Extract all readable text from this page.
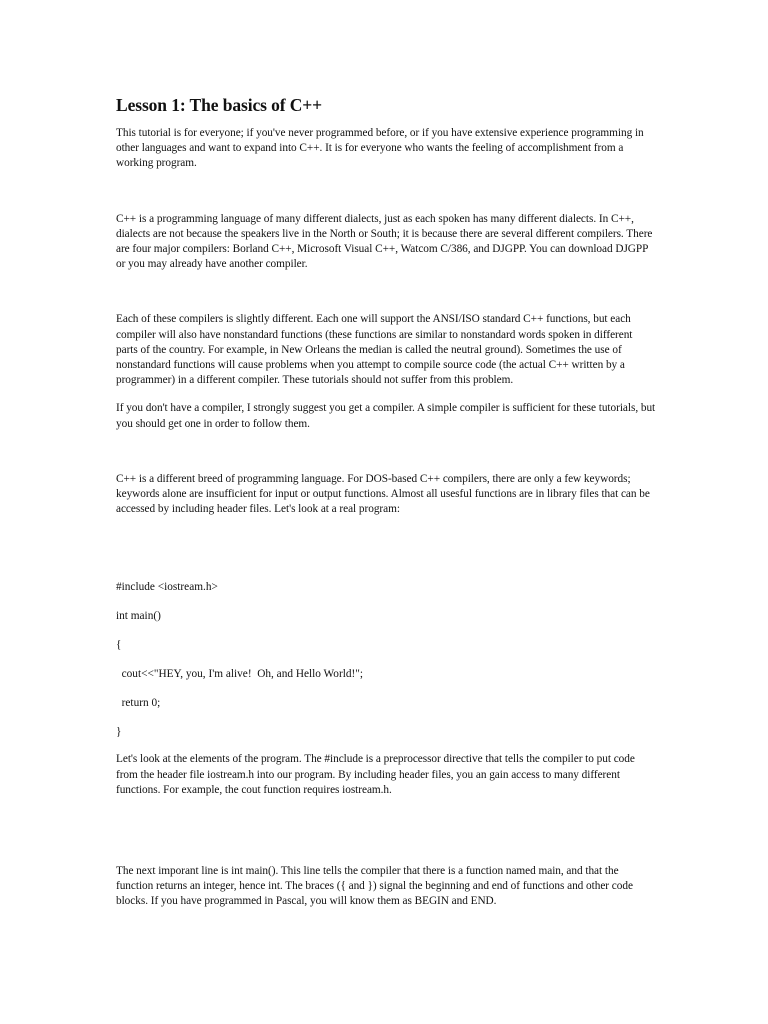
Lesson 1: The basics of C++

This tutorial is for everyone; if you've never programmed before, or if you have extensive experience programming in other languages and want to expand into C++. It is for everyone who wants the feeling of accomplishment from a working program.

C++ is a programming language of many different dialects, just as each spoken has many different dialects. In C++, dialects are not because the speakers live in the North or South; it is because there are several different compilers. There are four major compilers: Borland C++, Microsoft Visual C++, Watcom C/386, and DJGPP. You can download DJGPP or you may already have another compiler.

Each of these compilers is slightly different. Each one will support the ANSI/ISO standard C++ functions, but each compiler will also have nonstandard functions (these functions are similar to nonstandard words spoken in different parts of the country. For example, in New Orleans the median is called the neutral ground). Sometimes the use of nonstandard functions will cause problems when you attempt to compile source code (the actual C++ written by a programmer) in a different compiler. These tutorials should not suffer from this problem.

If you don't have a compiler, I strongly suggest you get a compiler. A simple compiler is sufficient for these tutorials, but you should get one in order to follow them.

C++ is a different breed of programming language. For DOS-based C++ compilers, there are only a few keywords; keywords alone are insufficient for input or output functions. Almost all usesful functions are in library files that can be accessed by including header files. Let's look at a real program:

#include <iostream.h>
int main()
{
cout<<"HEY, you, I'm alive!  Oh, and Hello World!";
return 0;
}

Let's look at the elements of the program. The #include is a preprocessor directive that tells the compiler to put code from the header file iostream.h into our program. By including header files, you an gain access to many different functions. For example, the cout function requires iostream.h.

The next imporant line is int main(). This line tells the compiler that there is a function named main, and that the function returns an integer, hence int. The braces ({ and }) signal the beginning and end of functions and other code blocks. If you have programmed in Pascal, you will know them as BEGIN and END.
